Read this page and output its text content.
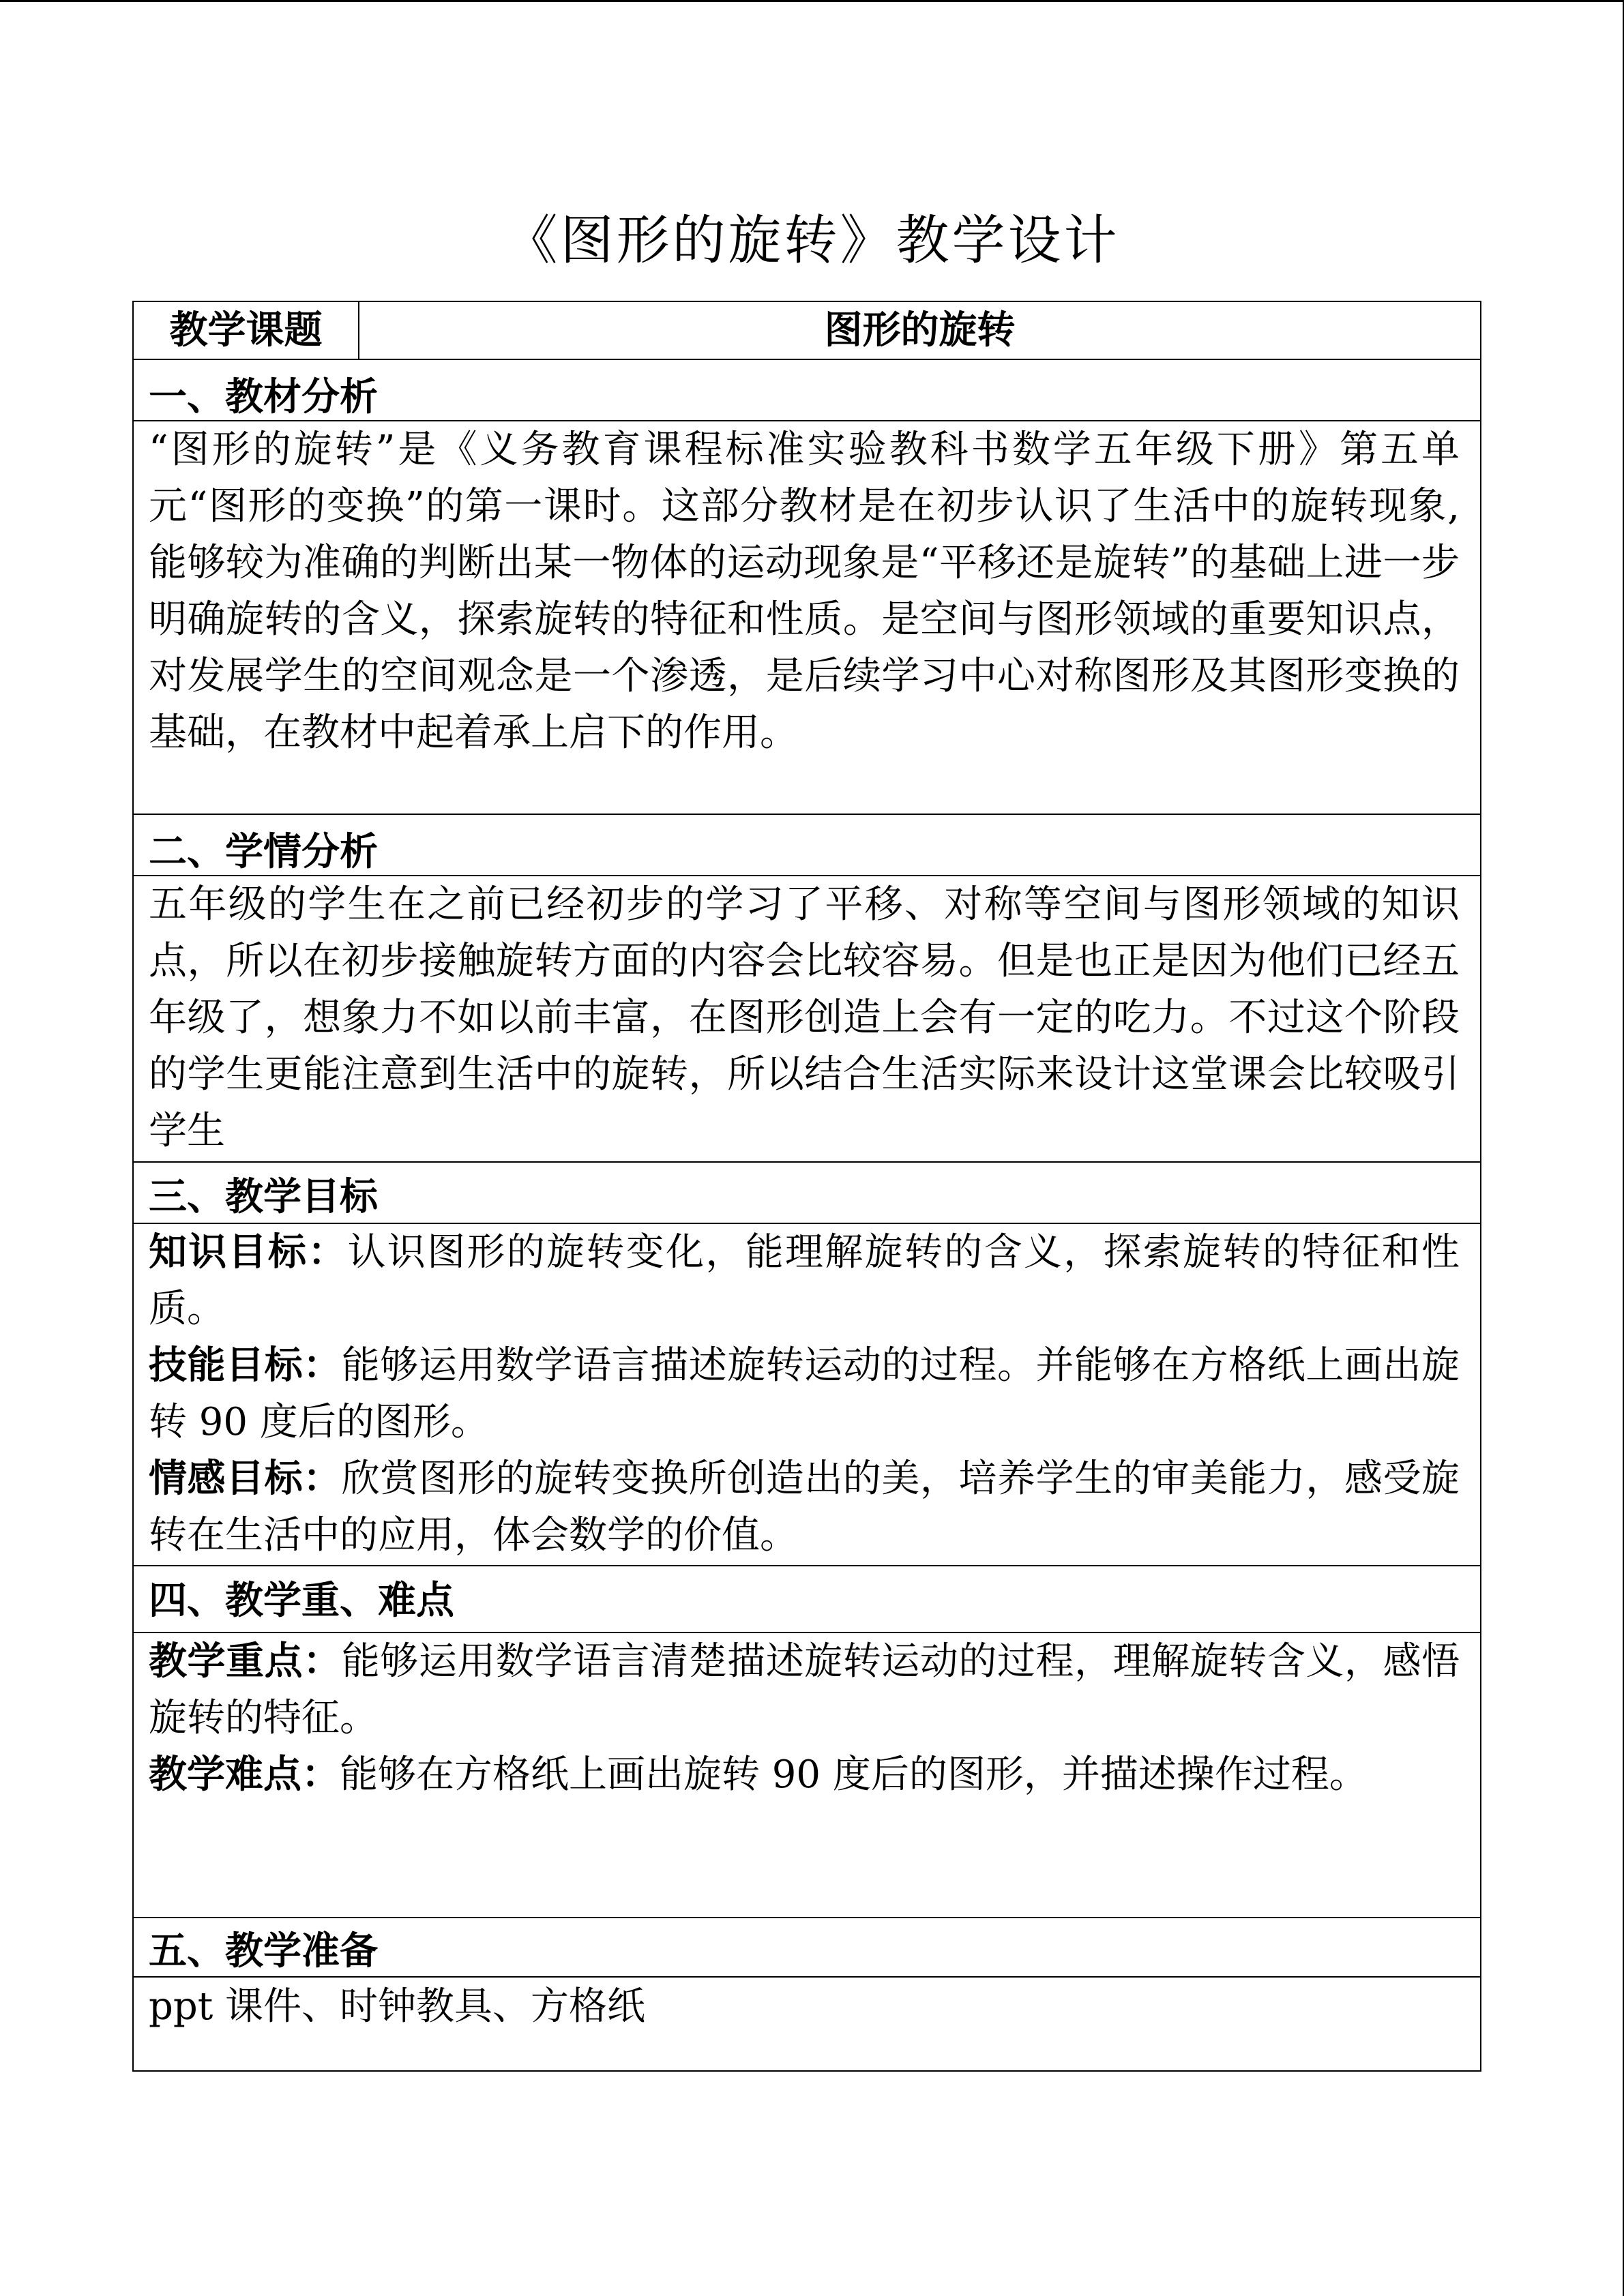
《图形的旋转》教学设计
教学课题	图形的旋转
一、教材分析

“图形的旋转”是《义务教育课程标准实验教科书数学五年级下册》第五单元“图形的变换”的第一课时。这部分教材是在初步认识了生活中的旋转现象,能够较为准确的判断出某一物体的运动现象是“平移还是旋转”的基础上进一步明确旋转的含义，探索旋转的特征和性质。是空间与图形领域的重要知识点，对发展学生的空间观念是一个渗透，是后续学习中心对称图形及其图形变换的基础，在教材中起着承上启下的作用。

二、学情分析

五年级的学生在之前已经初步的学习了平移、对称等空间与图形领域的知识点，所以在初步接触旋转方面的内容会比较容易。但是也正是因为他们已经五年级了，想象力不如以前丰富，在图形创造上会有一定的吃力。不过这个阶段的学生更能注意到生活中的旋转，所以结合生活实际来设计这堂课会比较吸引学生

三、教学目标

知识目标：认识图形的旋转变化，能理解旋转的含义，探索旋转的特征和性质。

技能目标：能够运用数学语言描述旋转运动的过程。并能够在方格纸上画出旋转 90 度后的图形。

情感目标：欣赏图形的旋转变换所创造出的美，培养学生的审美能力，感受旋转在生活中的应用，体会数学的价值。

四、教学重、难点

教学重点：能够运用数学语言清楚描述旋转运动的过程，理解旋转含义，感悟旋转的特征。

教学难点：能够在方格纸上画出旋转 90 度后的图形，并描述操作过程。

五、教学准备

ppt 课件、时钟教具、方格纸
